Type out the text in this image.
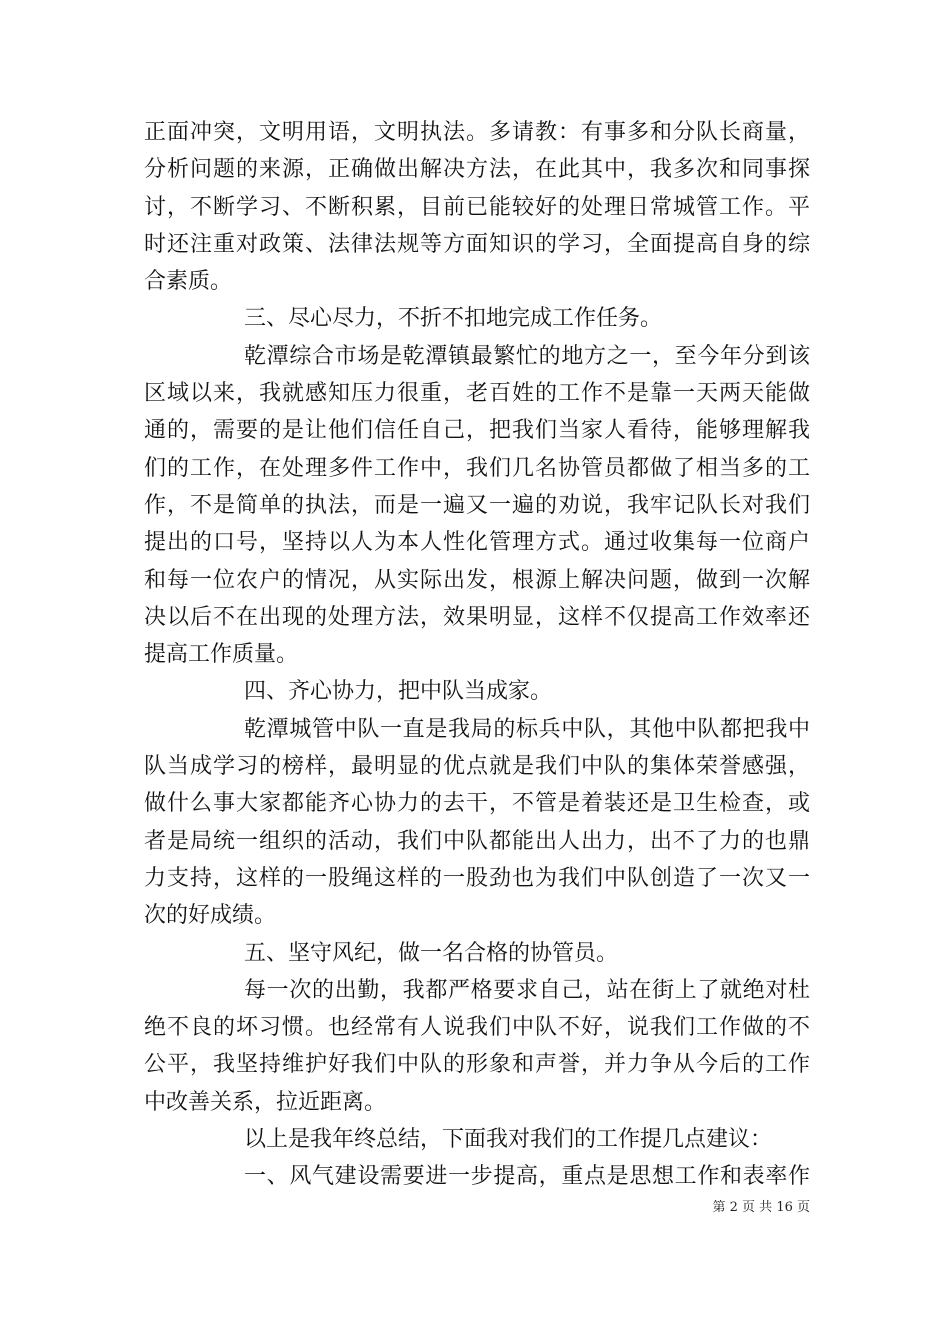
正面冲突，文明用语，文明执法。多请教：有事多和分队长商量，
分析问题的来源，正确做出解决方法，在此其中，我多次和同事探
讨，不断学习、不断积累，目前已能较好的处理日常城管工作。平
时还注重对政策、法律法规等方面知识的学习，全面提高自身的综
合素质。
三、尽心尽力，不折不扣地完成工作任务。
乾潭综合市场是乾潭镇最繁忙的地方之一，至今年分到该
区域以来，我就感知压力很重，老百姓的工作不是靠一天两天能做
通的，需要的是让他们信任自己，把我们当家人看待，能够理解我
们的工作，在处理多件工作中，我们几名协管员都做了相当多的工
作，不是简单的执法，而是一遍又一遍的劝说，我牢记队长对我们
提出的口号，坚持以人为本人性化管理方式。通过收集每一位商户
和每一位农户的情况，从实际出发，根源上解决问题，做到一次解
决以后不在出现的处理方法，效果明显，这样不仅提高工作效率还
提高工作质量。
四、齐心协力，把中队当成家。
乾潭城管中队一直是我局的标兵中队，其他中队都把我中
队当成学习的榜样，最明显的优点就是我们中队的集体荣誉感强，
做什么事大家都能齐心协力的去干，不管是着装还是卫生检查，或
者是局统一组织的活动，我们中队都能出人出力，出不了力的也鼎
力支持，这样的一股绳这样的一股劲也为我们中队创造了一次又一
次的好成绩。
五、坚守风纪，做一名合格的协管员。
每一次的出勤，我都严格要求自己，站在街上了就绝对杜
绝不良的坏习惯。也经常有人说我们中队不好，说我们工作做的不
公平，我坚持维护好我们中队的形象和声誉，并力争从今后的工作
中改善关系，拉近距离。
以上是我年终总结，下面我对我们的工作提几点建议：
一、风气建设需要进一步提高，重点是思想工作和表率作
第 2 页 共 16 页
